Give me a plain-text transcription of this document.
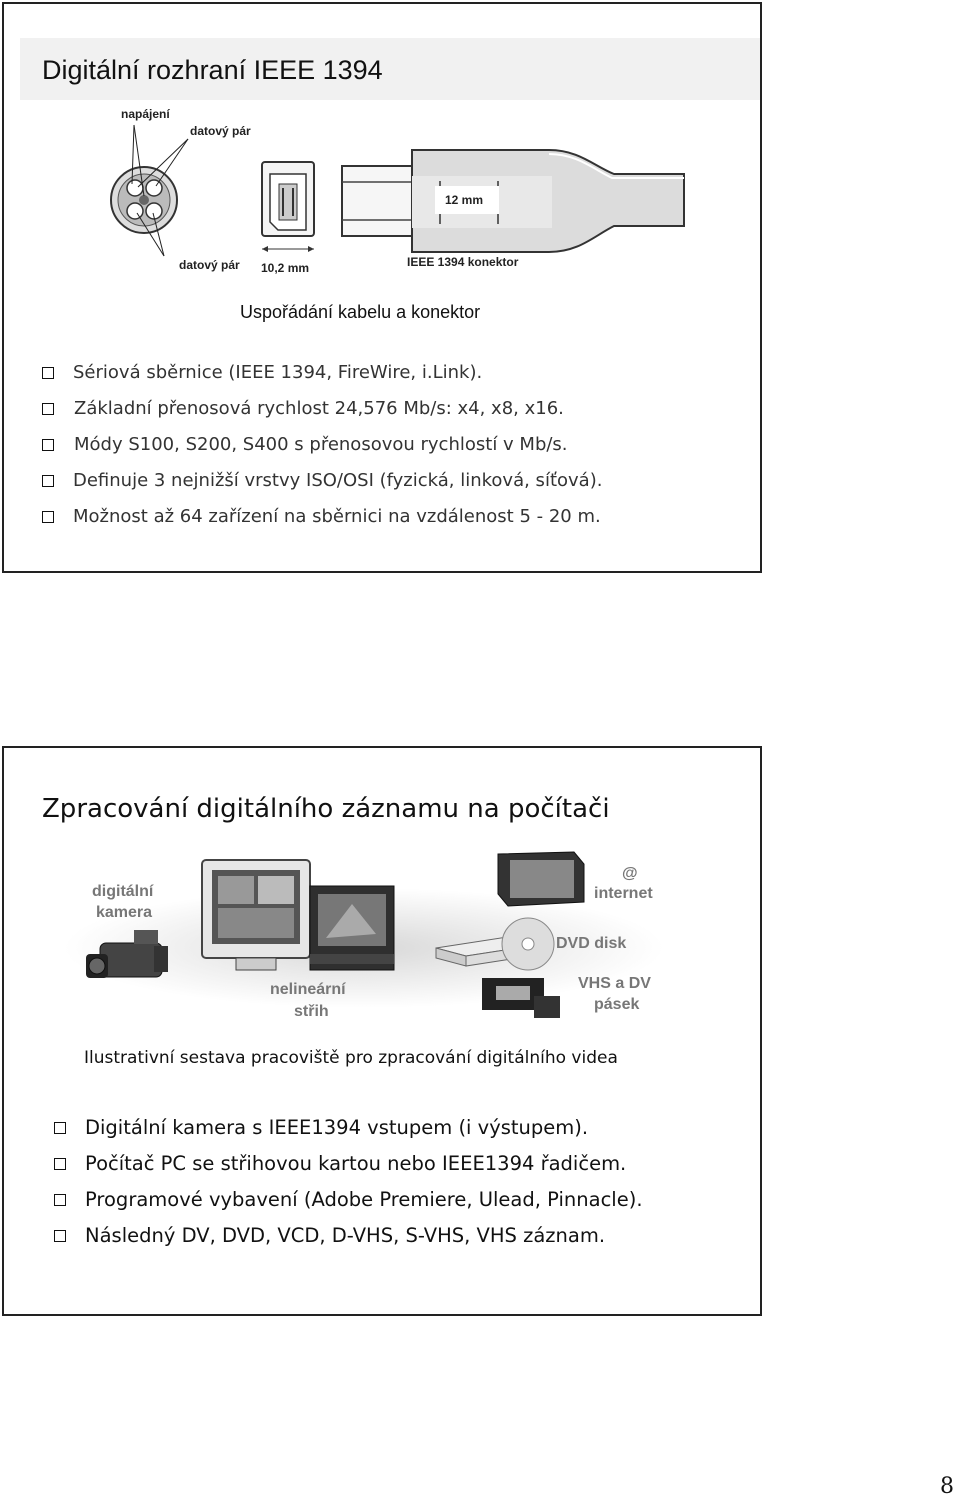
Digitální rozhraní IEEE 1394
napájení
datový pár
datový pár 10,2 mm
12 mm
IEEE 1394 konektor
Uspořádání kabelu a konektor
Sériová sběrnice (IEEE 1394, FireWire, i.Link).
Základní přenosová rychlost 24,576 Mb/s: x4, x8, x16.
Módy S100, S200, S400 s přenosovou rychlostí v Mb/s.
Definuje 3 nejnižší vrstvy ISO/OSI (fyzická, linková, síťová).
Možnost až 64 zařízení na sběrnici na vzdálenost 5 - 20 m.
Zpracování digitálního záznamu na počítači
digitální
kamera
DVD disk
@
internet
nelineární
střih
VHS a DV
pásek
Ilustrativní sestava pracoviště pro zpracování digitálního videa
Digitální kamera s IEEE1394 vstupem (i výstupem).
Počítač PC se střihovou kartou nebo IEEE1394 řadičem.
Programové vybavení (Adobe Premiere, Ulead, Pinnacle).
Následný DV, DVD, VCD, D-VHS, S-VHS, VHS záznam.
8
